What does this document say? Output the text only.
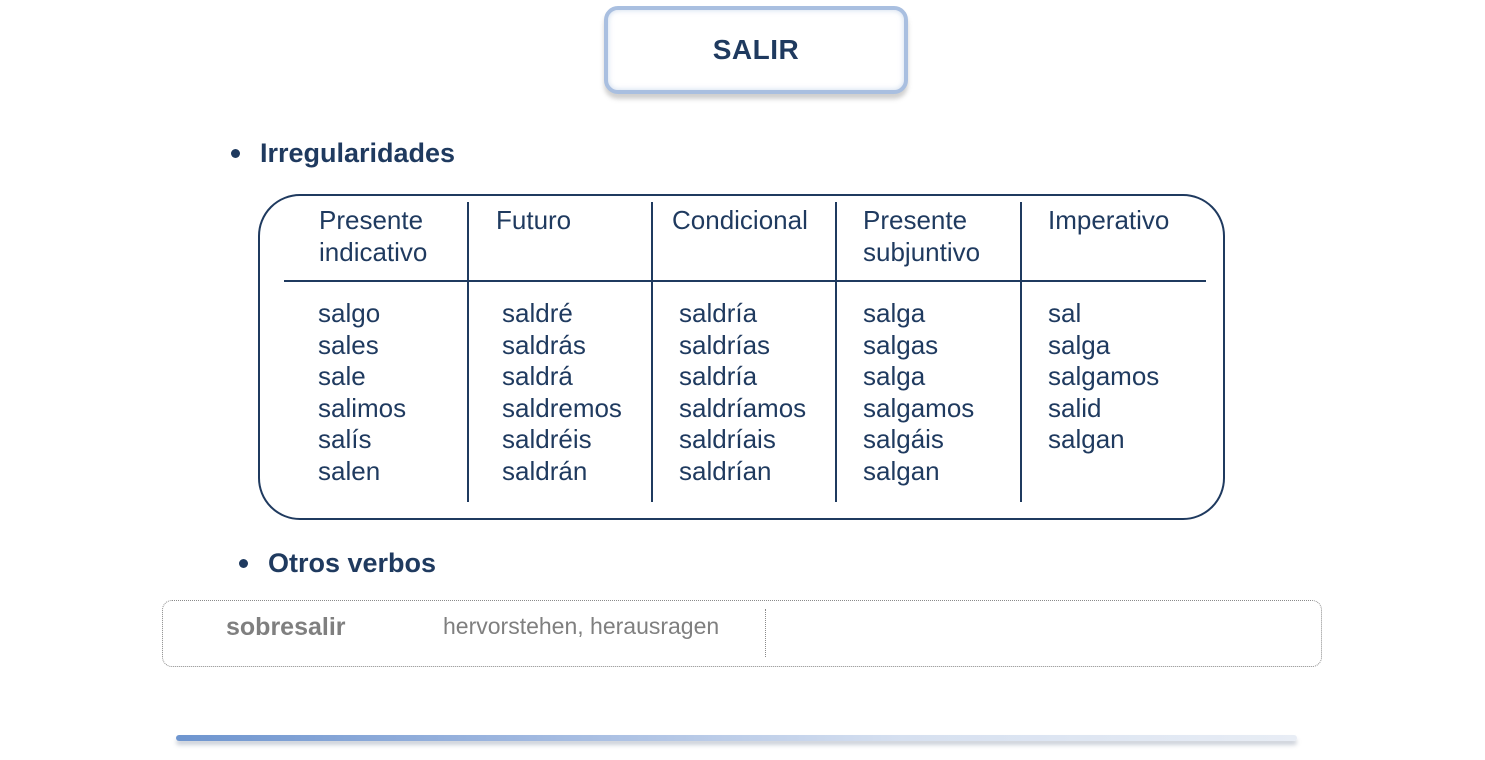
SALIR
Irregularidades
Presente
indicativo
salgo
sales
sale
salimos
salís
salen
Futuro
saldré
saldrás
saldrá
saldremos
saldréis
saldrán
Condicional
saldría
saldrías
saldría
saldríamos
saldríais
saldrían
Presente
subjuntivo
salga
salgas
salga
salgamos
salgáis
salgan
Imperativo
sal
salga
salgamos
salid
salgan
Otros verbos
sobresalir	hervorstehen, herausragen
